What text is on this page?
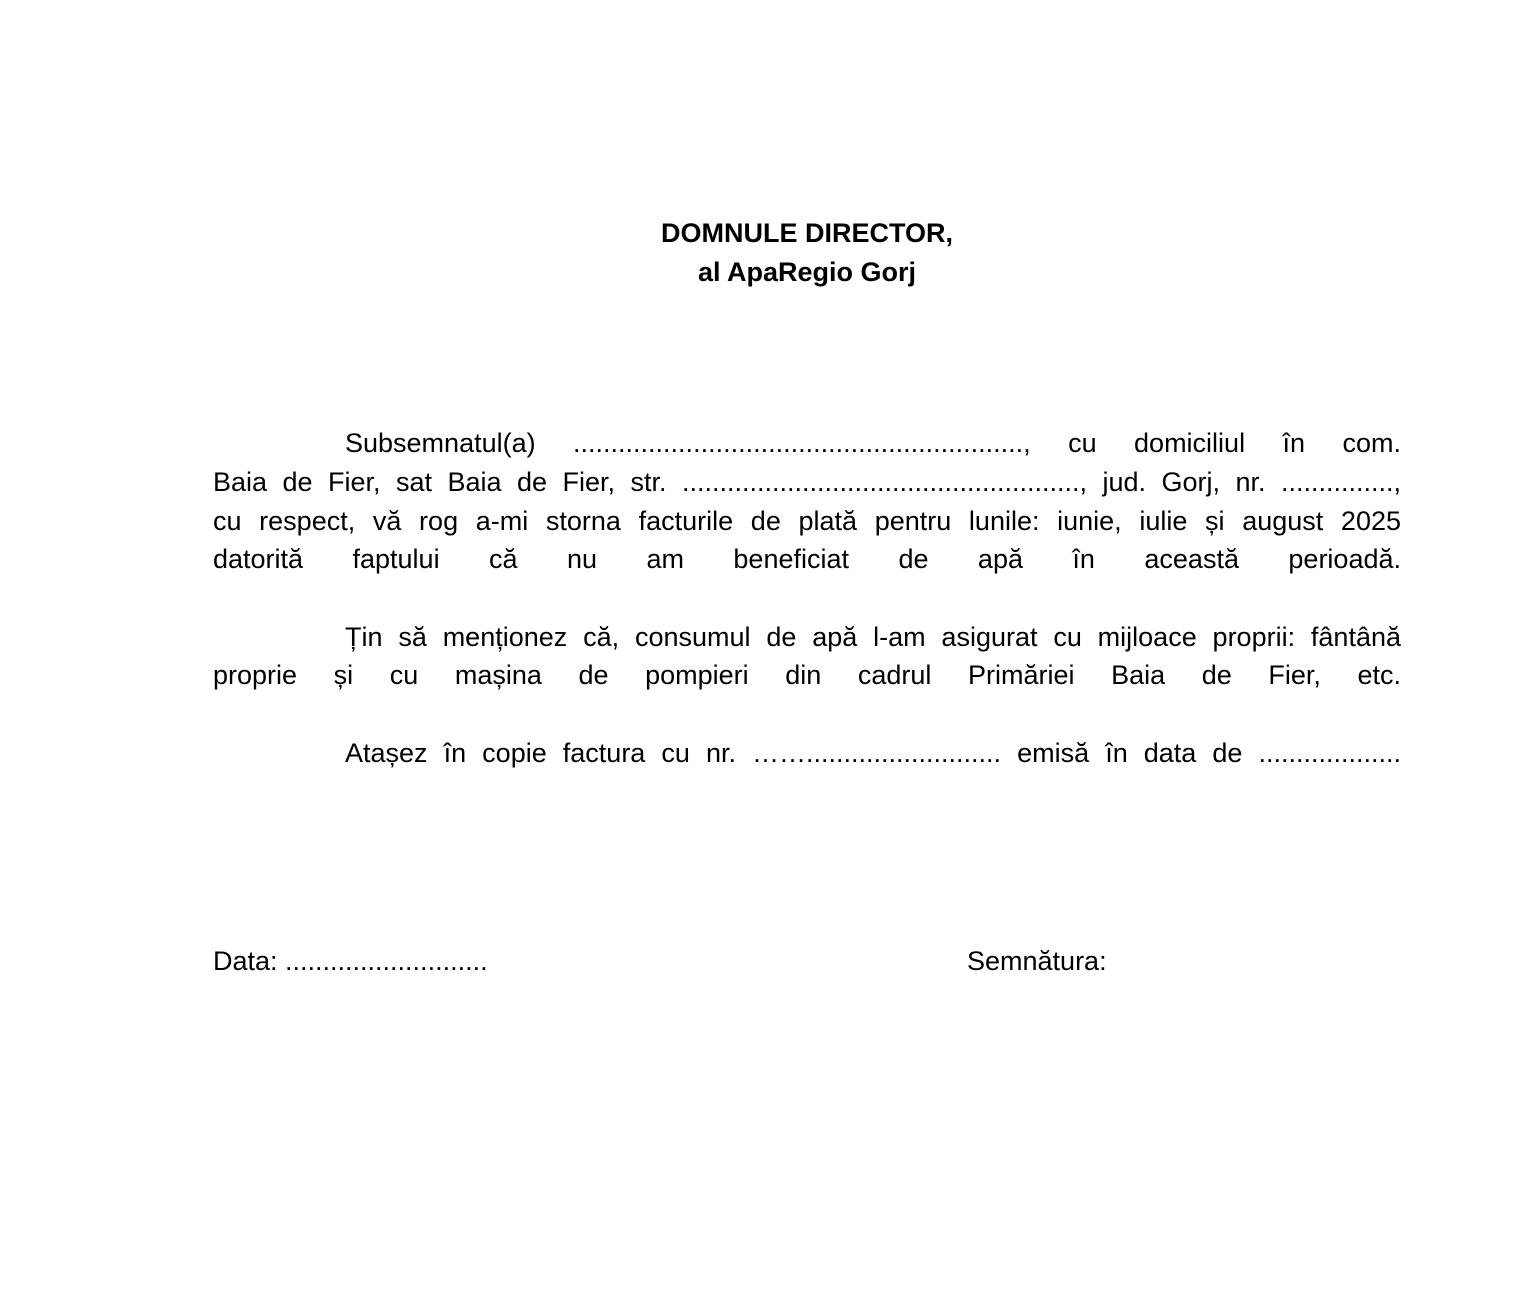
DOMNULE DIRECTOR,
al ApaRegio Gorj
Subsemnatul(a) ............................................................, cu domiciliul în com.
Baia de Fier, sat Baia de Fier, str. ....................................................., jud. Gorj, nr. ...............,
cu respect, vă rog a-mi storna facturile de plată pentru lunile: iunie, iulie și august 2025
datorită faptului că nu am beneficiat de apă în această perioadă.
Țin să menționez că, consumul de apă l-am asigurat cu mijloace proprii: fântână
proprie și cu mașina de pompieri din cadrul Primăriei Baia de Fier, etc.
Atașez în copie factura cu nr. …….......................... emisă în data de ...................
Data: ...........................	Semnătura:
